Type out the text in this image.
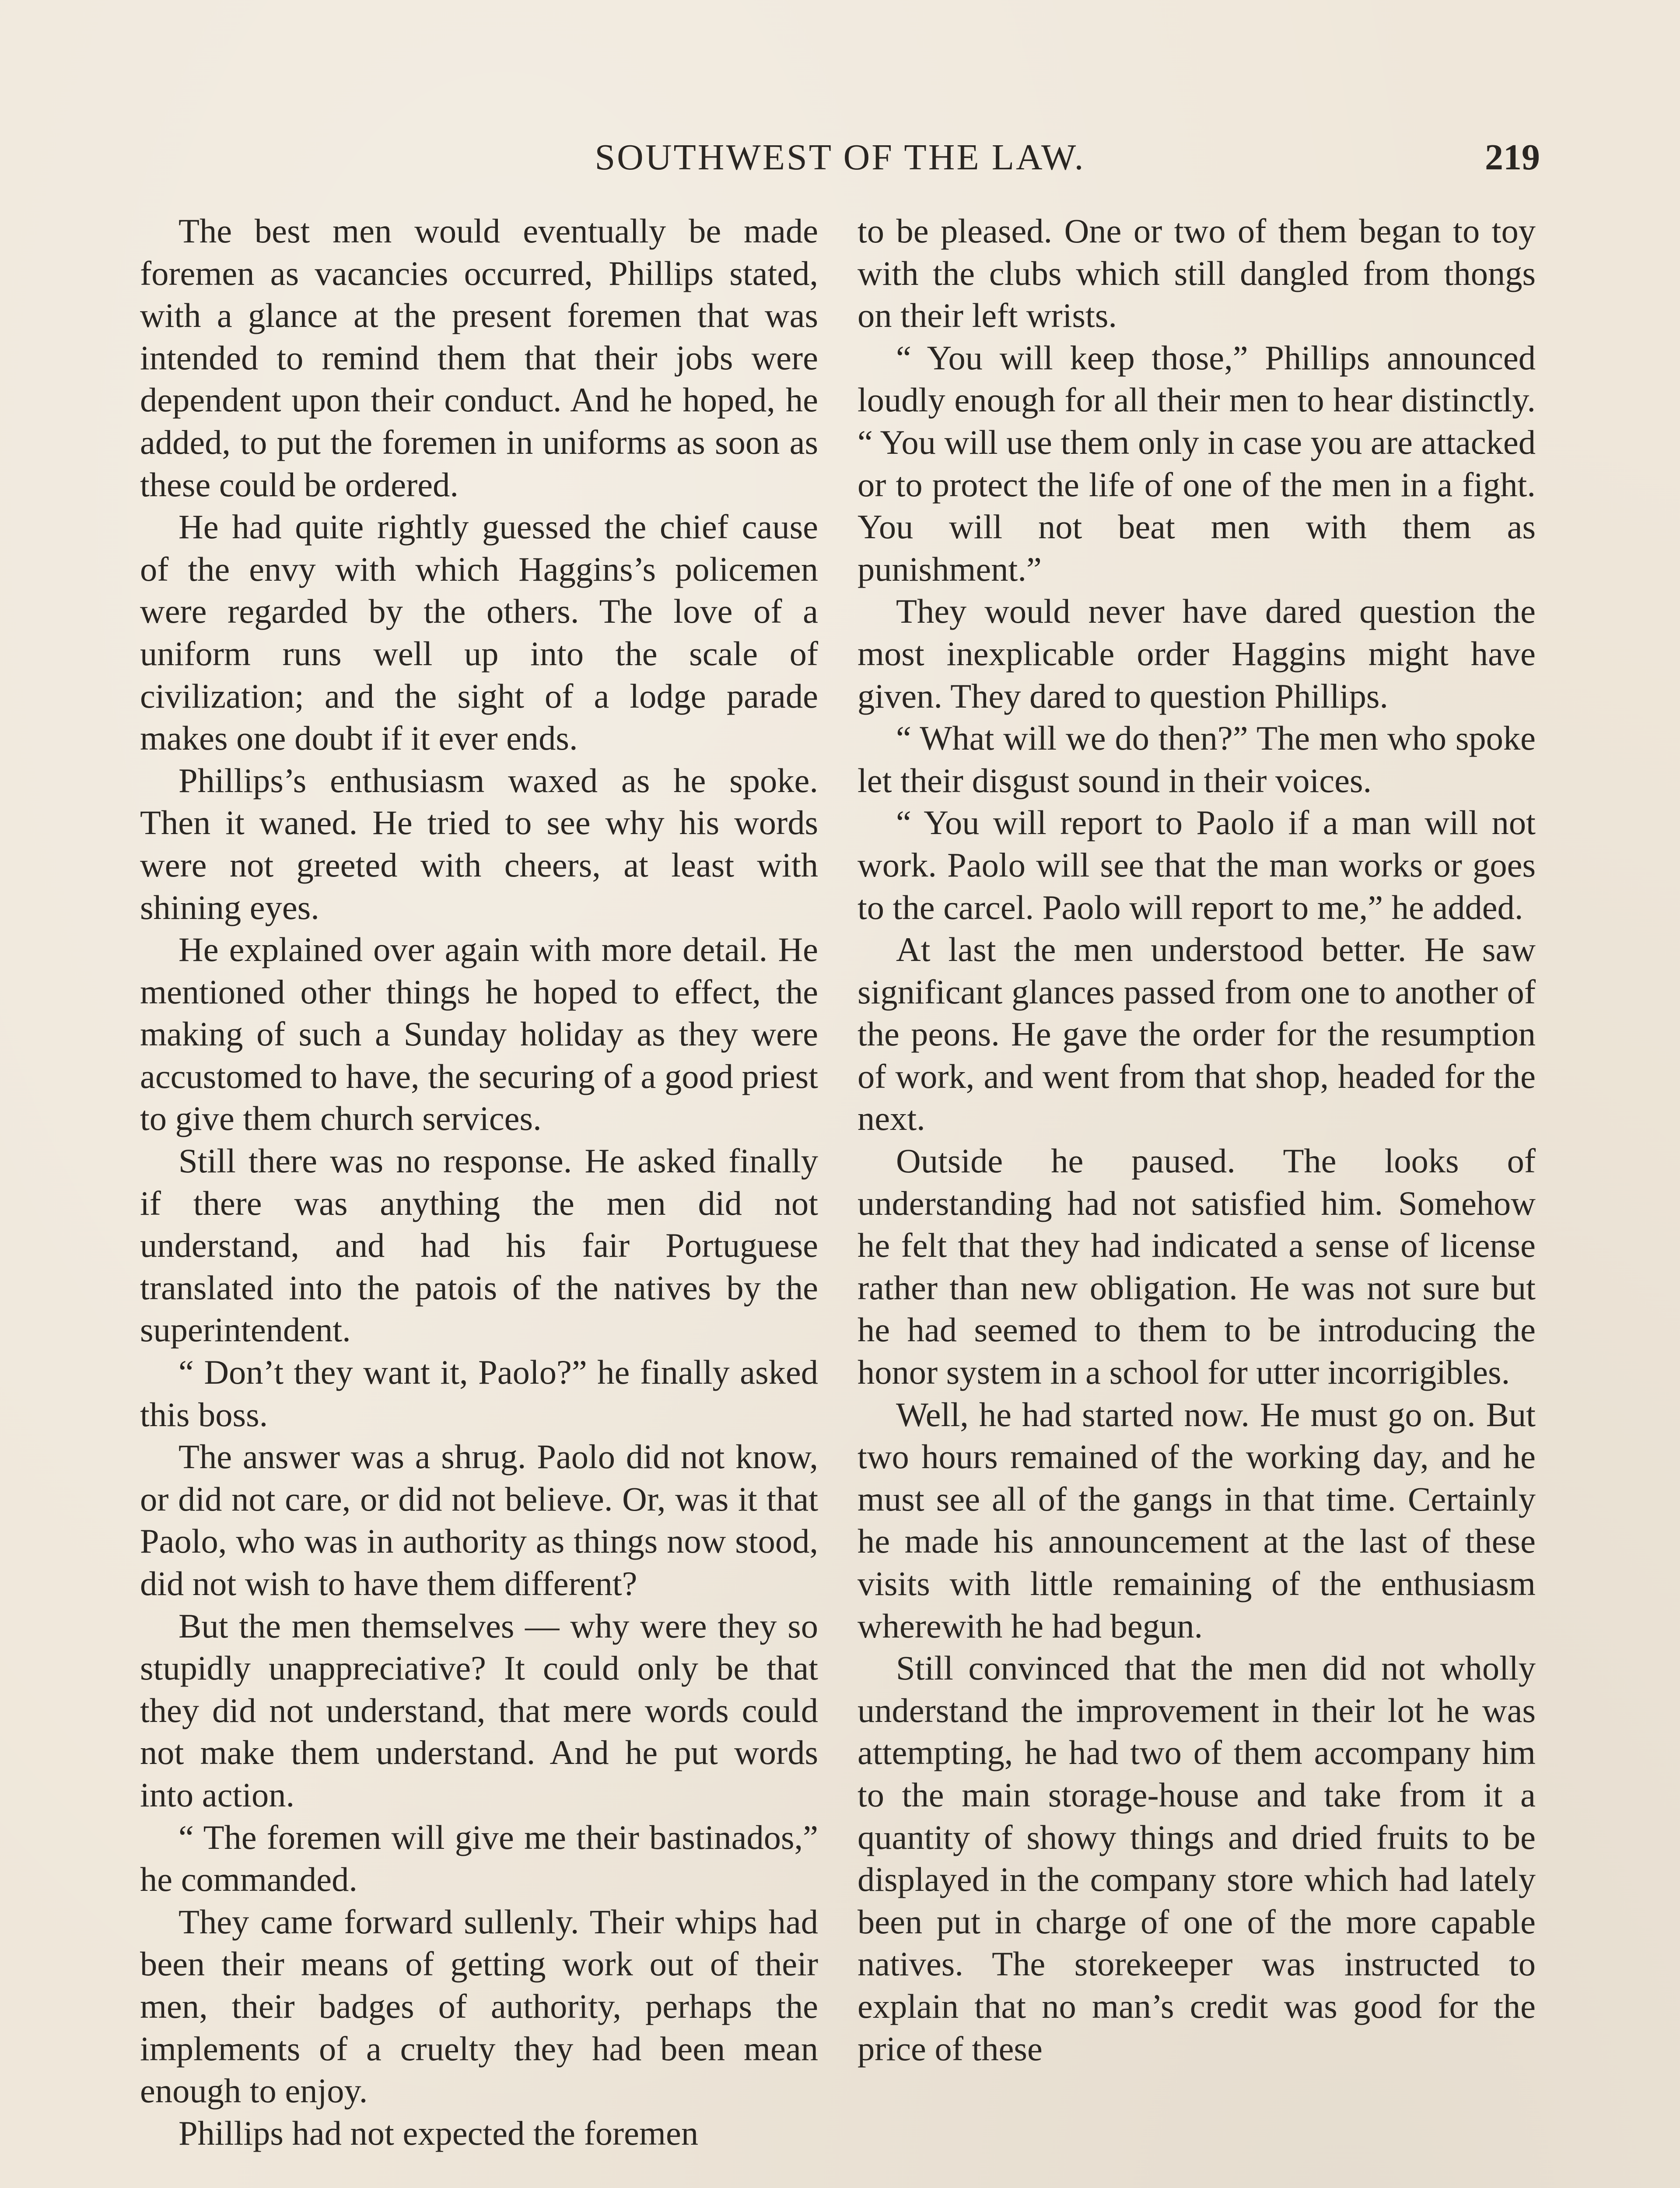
SOUTHWEST OF THE LAW.	219

The best men would eventually be made foremen as vacancies occurred, Phillips stated, with a glance at the present foremen that was intended to remind them that their jobs were dependent upon their conduct. And he hoped, he added, to put the foremen in uniforms as soon as these could be ordered.

He had quite rightly guessed the chief cause of the envy with which Haggins’s policemen were regarded by the others. The love of a uniform runs well up into the scale of civilization; and the sight of a lodge parade makes one doubt if it ever ends.

Phillips’s enthusiasm waxed as he spoke. Then it waned. He tried to see why his words were not greeted with cheers, at least with shining eyes.

He explained over again with more detail. He mentioned other things he hoped to effect, the making of such a Sunday holiday as they were accustomed to have, the securing of a good priest to give them church services.

Still there was no response. He asked finally if there was anything the men did not understand, and had his fair Portuguese translated into the patois of the natives by the superintendent.

“ Don’t they want it, Paolo?” he finally asked this boss.

The answer was a shrug. Paolo did not know, or did not care, or did not believe. Or, was it that Paolo, who was in authority as things now stood, did not wish to have them different?

But the men themselves — why were they so stupidly unappreciative? It could only be that they did not understand, that mere words could not make them understand. And he put words into action.

“ The foremen will give me their bastinados,” he commanded.

They came forward sullenly. Their whips had been their means of getting work out of their men, their badges of authority, perhaps the implements of a cruelty they had been mean enough to enjoy.

Phillips had not expected the foremen

to be pleased. One or two of them began to toy with the clubs which still dangled from thongs on their left wrists.

“ You will keep those,” Phillips announced loudly enough for all their men to hear distinctly. “ You will use them only in case you are attacked or to protect the life of one of the men in a fight. You will not beat men with them as punishment.”

They would never have dared question the most inexplicable order Haggins might have given. They dared to question Phillips.

“ What will we do then?” The men who spoke let their disgust sound in their voices.

“ You will report to Paolo if a man will not work. Paolo will see that the man works or goes to the carcel. Paolo will report to me,” he added.

At last the men understood better. He saw significant glances passed from one to another of the peons. He gave the order for the resumption of work, and went from that shop, headed for the next.

Outside he paused. The looks of understanding had not satisfied him. Somehow he felt that they had indicated a sense of license rather than new obligation. He was not sure but he had seemed to them to be introducing the honor system in a school for utter incorrigibles.

Well, he had started now. He must go on. But two hours remained of the working day, and he must see all of the gangs in that time. Certainly he made his announcement at the last of these visits with little remaining of the enthusiasm wherewith he had begun.

Still convinced that the men did not wholly understand the improvement in their lot he was attempting, he had two of them accompany him to the main storage-house and take from it a quantity of showy things and dried fruits to be displayed in the company store which had lately been put in charge of one of the more capable natives. The storekeeper was instructed to explain that no man’s credit was good for the price of these
